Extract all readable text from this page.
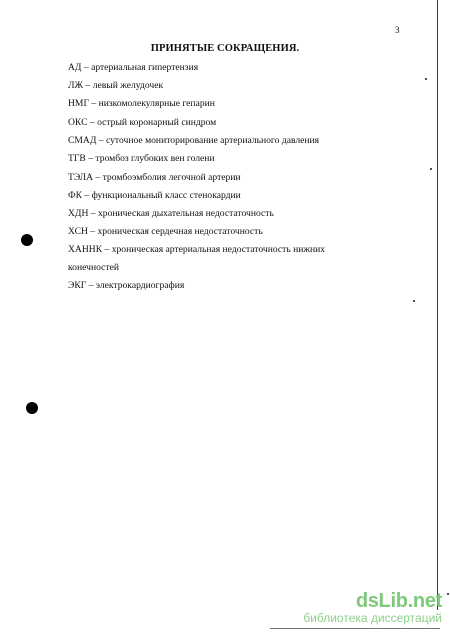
3
ПРИНЯТЫЕ СОКРАЩЕНИЯ.
АД – артериальная гипертензия
ЛЖ – левый желудочек
НМГ – низкомолекулярные гепарин
ОКС – острый коронарный синдром
СМАД – суточное мониторирование артериального давления
ТГВ – тромбоз глубоких вен голени
ТЭЛА – тромбоэмболия легочной артерии
ФК – функциональный класс стенокардии
ХДН – хроническая дыхательная недостаточность
ХСН – хроническая сердечная недостаточность
ХАННК – хроническая артериальная недостаточность нижних конечностей
ЭКГ – электрокардиография
dsLib.net
библиотека диссертаций
